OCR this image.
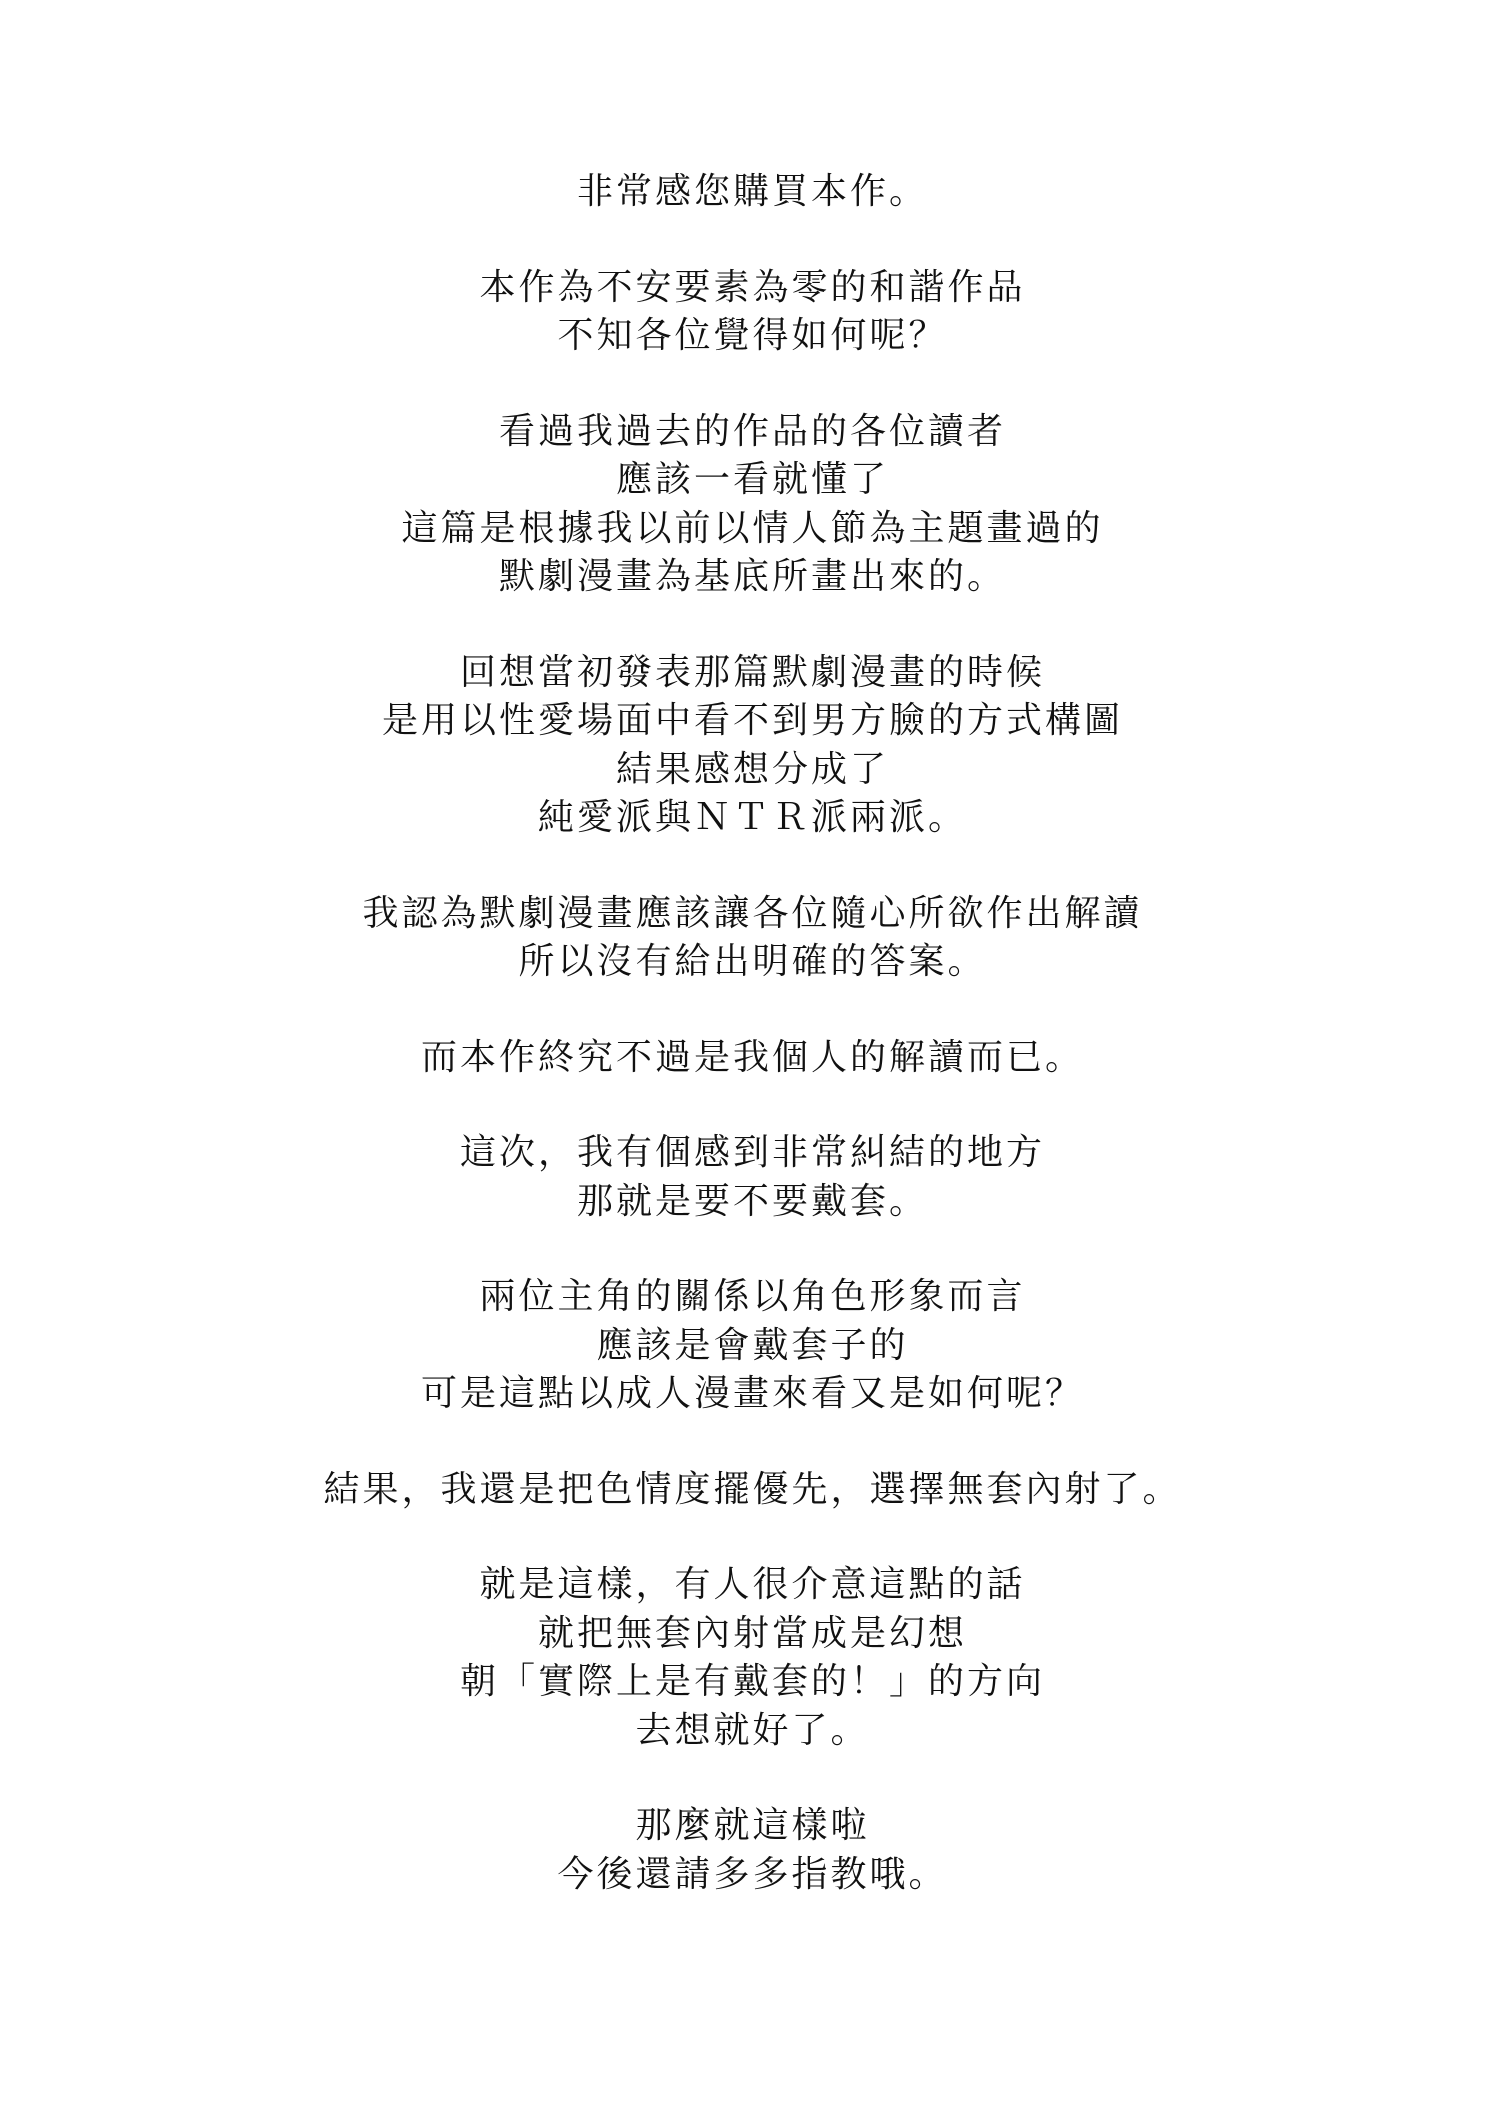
非常感您購買本作。
本作為不安要素為零的和諧作品
不知各位覺得如何呢？
看過我過去的作品的各位讀者
應該一看就懂了
這篇是根據我以前以情人節為主題畫過的
默劇漫畫為基底所畫出來的。
回想當初發表那篇默劇漫畫的時候
是用以性愛場面中看不到男方臉的方式構圖
結果感想分成了
純愛派與ＮＴＲ派兩派。
我認為默劇漫畫應該讓各位隨心所欲作出解讀
所以沒有給出明確的答案。
而本作終究不過是我個人的解讀而已。
這次，我有個感到非常糾結的地方
那就是要不要戴套。
兩位主角的關係以角色形象而言
應該是會戴套子的
可是這點以成人漫畫來看又是如何呢？
結果，我還是把色情度擺優先，選擇無套內射了。
就是這樣，有人很介意這點的話
就把無套內射當成是幻想
朝「實際上是有戴套的！」的方向
去想就好了。
那麼就這樣啦
今後還請多多指教哦。
